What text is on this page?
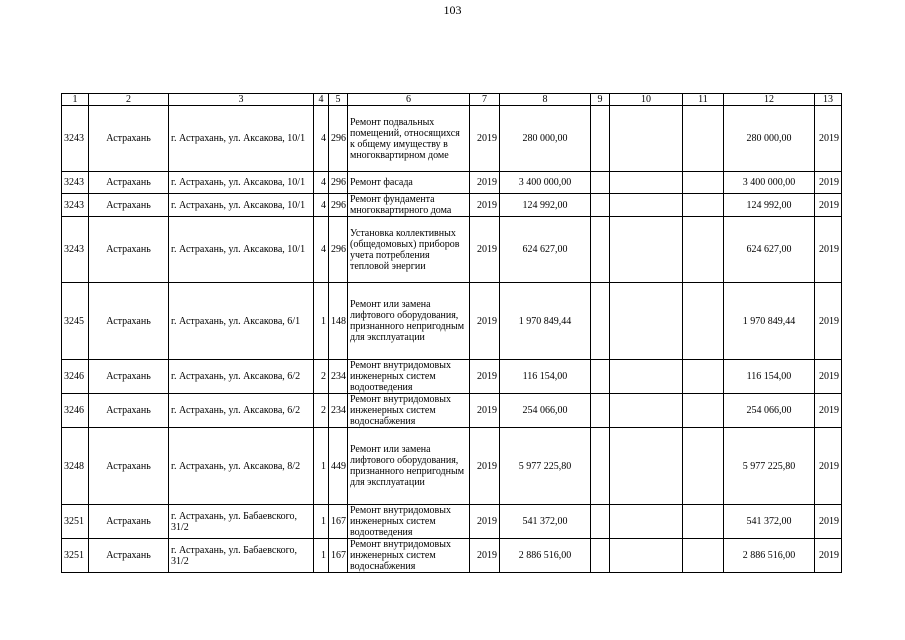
103
1	2	3	4	5	6	7	8	9	10	11	12	13
3243	Астрахань	г. Астрахань, ул. Аксакова, 10/1	4	296	Ремонт подвальных помещений, относящихся к общему имуществу в многоквартирном доме	2019	280 000,00				280 000,00	2019
3243	Астрахань	г. Астрахань, ул. Аксакова, 10/1	4	296	Ремонт фасада	2019	3 400 000,00				3 400 000,00	2019
3243	Астрахань	г. Астрахань, ул. Аксакова, 10/1	4	296	Ремонт фундамента многоквартирного дома	2019	124 992,00				124 992,00	2019
3243	Астрахань	г. Астрахань, ул. Аксакова, 10/1	4	296	Установка коллективных (общедомовых) приборов учета потребления тепловой энергии	2019	624 627,00				624 627,00	2019
3245	Астрахань	г. Астрахань, ул. Аксакова, 6/1	1	148	Ремонт или замена лифтового оборудования, признанного непригодным для эксплуатации	2019	1 970 849,44				1 970 849,44	2019
3246	Астрахань	г. Астрахань, ул. Аксакова, 6/2	2	234	Ремонт внутридомовых инженерных систем водоотведения	2019	116 154,00				116 154,00	2019
3246	Астрахань	г. Астрахань, ул. Аксакова, 6/2	2	234	Ремонт внутридомовых инженерных систем водоснабжения	2019	254 066,00				254 066,00	2019
3248	Астрахань	г. Астрахань, ул. Аксакова, 8/2	1	449	Ремонт или замена лифтового оборудования, признанного непригодным для эксплуатации	2019	5 977 225,80				5 977 225,80	2019
3251	Астрахань	г. Астрахань, ул. Бабаевского, 31/2	1	167	Ремонт внутридомовых инженерных систем водоотведения	2019	541 372,00				541 372,00	2019
3251	Астрахань	г. Астрахань, ул. Бабаевского, 31/2	1	167	Ремонт внутридомовых инженерных систем водоснабжения	2019	2 886 516,00				2 886 516,00	2019
